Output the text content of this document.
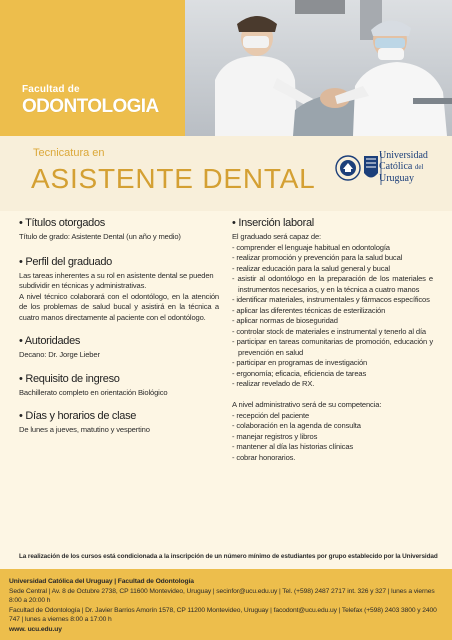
Facultad de
ODONTOLOGIA
Tecnicatura en
ASISTENTE DENTAL
Universidad
Católica del
Uruguay
• Títulos otorgados
Título de grado: Asistente Dental (un año y medio)
• Perfil del graduado
Las tareas inherentes a su rol en asistente dental se pueden subdividir en técnicas y administrativas.
A nivel técnico colaborará con el odontólogo, en la atención de los problemas de salud bucal y asistirá en la técnica a cuatro manos directamente al paciente con el odontólogo.
• Autoridades
Decano: Dr. Jorge Lieber
• Requisito de ingreso
Bachillerato completo en orientación Biológico
• Días y horarios de clase
De lunes a jueves, matutino y vespertino
• Inserción laboral
El graduado será capaz de:
- comprender el lenguaje habitual en odontología
- realizar promoción y prevención para la salud bucal
- realizar educación para la salud general y bucal
- asistir al odontólogo en la preparación de los materiales e instrumentos necesarios, y en la técnica a cuatro manos
- identificar materiales, instrumentales y fármacos específicos
- aplicar las diferentes técnicas de esterilización
- aplicar normas de bioseguridad
- controlar stock de materiales e instrumental y tenerlo al día
- participar en tareas comunitarias de promoción, educación y prevención en salud
- participar en programas de investigación
- ergonomía; eficacia, eficiencia de tareas
- realizar revelado de RX.
A nivel administrativo será de su competencia:
- recepción del paciente
- colaboración en la agenda de consulta
- manejar registros y libros
- mantener al día las historias clínicas
- cobrar honorarios.
La realización de los cursos está condicionada a la inscripción de un número mínimo de estudiantes por grupo establecido por la Universidad
Universidad Católica del Uruguay | Facultad de Odontología
Sede Central | Av. 8 de Octubre 2738, CP 11600 Montevideo, Uruguay | secinfor@ucu.edu.uy | Tel. (+598) 2487 2717 int. 326 y 327 | lunes a viernes 8:00 a 20:00 h
Facultad de Odontología | Dr. Javier Barrios Amorín 1578, CP 11200 Montevideo, Uruguay | facodont@ucu.edu.uy | Telefax (+598) 2403 3800 y 2400 747 | lunes a viernes 8:00 a 17:00 h
www. ucu.edu.uy
